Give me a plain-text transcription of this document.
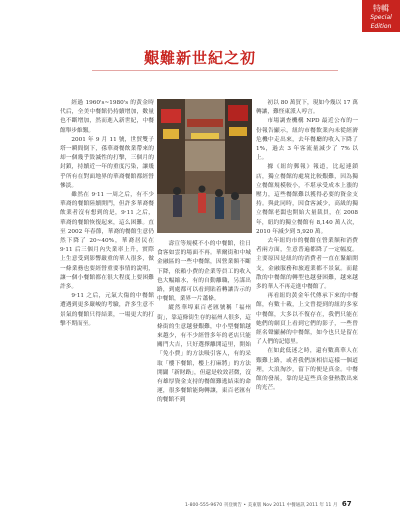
特輯
Special Edition
艱難新世紀之初

經過 1960's~1980's 的黃金時代后，全美中餐館仍持續增加，數量也不斷增加，然而進入新世紀，中餐館舉步維艱。

2001 年 9 月 11 號，世貿雙子塔一瞬間倒下，孫華裔餐飲業帶來的却一個幾乎毀滅性的打擊，三個月的封鎖，持續近一年的重度污染，讓幾乎所有在對面地界的華裔餐館都經營慘淡。

雖然在 9·11 一周之后，有不少華裔的餐館陸續開門，但許多華裔餐飲業者沒有想到的是，9·11 之后，華裔的餐館恢復起來，這么困難。直至 2002 年春節，華裔的餐館生意仍然下降了 20~40%，華裔居民在 9·11 后三個月內失業率上升，實際上生意受到影響嚴重的華人很多，做一條業務也要經營重要事情的說明，讓一個小餐館都在很大程度上要困難許多。

9·11 之后，元氣大傷的中餐館遭遇到更多嚴峻的考驗，許多生意不景氣的餐館只得結業，一場更大的打擊不期而至。

壽宣等規模不小的中餐館，往日食客如雲的場面不再。華爾街和中城金融區的一些中餐館，因營業額不斷下降，依賴小費的企業等員工的收入也大幅縮水，有的自動離職，另謀出路，到處都可以看到貼着轉讓告示的中餐館，業界一片蕭條。

縱然華埠東百老匯號稱「福州街」，靠這條街生存的福州人很多，這條街的生意越發艱難，中小型餐館越來越少，有不少經營多年的老店只能關門大吉，只好選擇離開這里，開始「免小費」的方法吸引客人，有的采取「樓下餐館，樓上打麻將」的方法開闢「新財路」，但還是收效甚微，沒有雄厚資金支持的餐館難逃結束的命運，很多餐館能夠轉讓，東百老匯有的餐館不到

初以 80 萬買下，現如今幾以 17 萬轉讓，難怪東派人哼言。

市場調查機構 NPD 最近公布的一份報告顯示，紐約市餐飲業內未從經濟危機中走出來，去年餐廳的收入下降了 1%，過去 3 年客流量減少了 7% 以上。

據《紐約郵報》報道，比起連鎖店，獨立餐館的處境比較艱難，因為獨立餐館規模較小，不堪承受成本上漲的壓力，這些餐館難以獲得必要的資金支持。與此同時，因食客減少，高級的獨立餐館老闆也開始大量裁員，在 2008 年，紐約的獨立餐館有 8,140 萬人次，2010 年減少到 5,920 萬。

去年紐約市的餐館在營業額和消費者兩方面，生意普遍都降了一定幅度。主要原因是紐約的消費者一直在緊縮開支，金融服務和旅遊業都不景氣。而鬆散的中餐館的轉型也越發困難，越來越多的華人不再走進中餐館了。

再看紐約黃金年代傳承下來的中餐館，有數十載，上文曾提到的紐約多家中餐館，大多以不復存在，我們只能在她們的網頁上看到它們的影子，一些曾經名聲顯赫的中餐館，如今也只是留在了人們的記憶里。

在如此低迷之時，還有數萬華人在艱難上路，或者我們該相信這樣一個道理，大浪淘沙，留下的便是真金。中餐館的發展，靠的是這些真金發熱散出來的光芒。

1-800-555-9670 刊登廣告 • 美東版 Nov 2011 中餐通訊 2011 年 11 月 67
